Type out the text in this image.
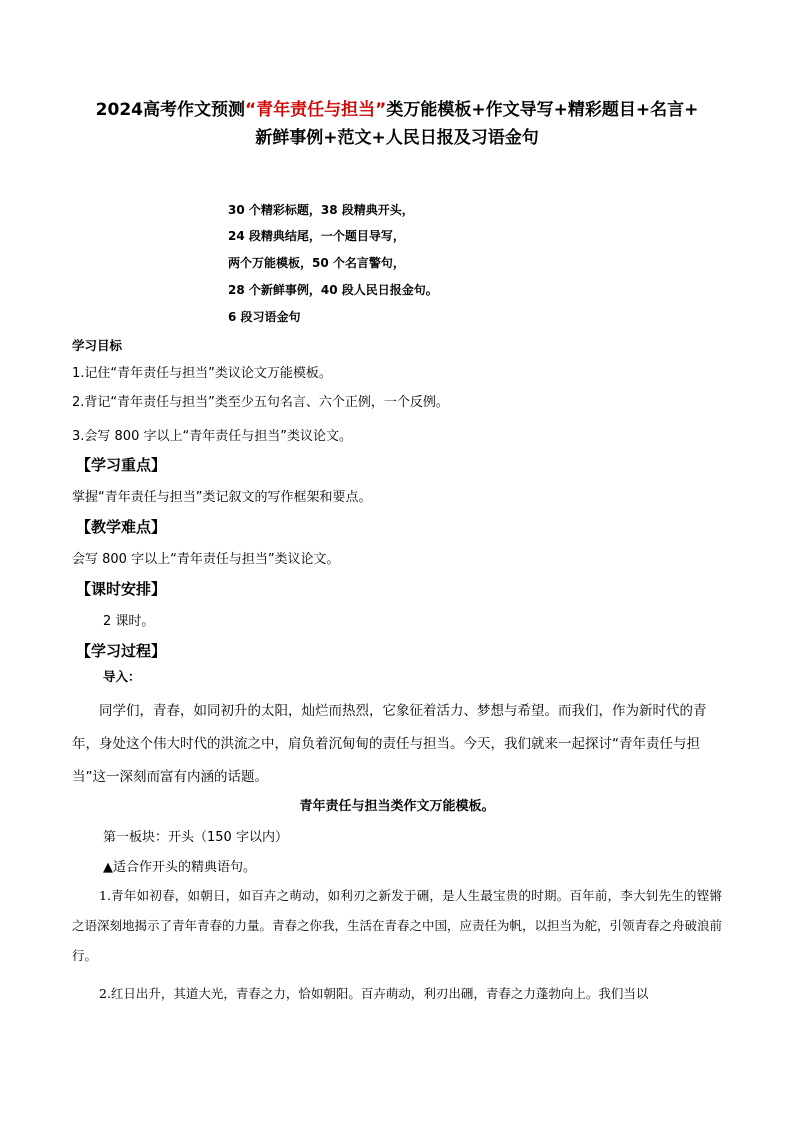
2024高考作文预测“青年责任与担当”类万能模板+作文导写+精彩题目+名言+
新鲜事例+范文+人民日报及习语金句
30 个精彩标题，38 段精典开头，
24 段精典结尾，一个题目导写，
两个万能模板，50 个名言警句，
28 个新鲜事例，40 段人民日报金句。
6 段习语金句
学习目标
1.记住“青年责任与担当”类议论文万能模板。
2.背记“青年责任与担当”类至少五句名言、六个正例，一个反例。
3.会写 800 字以上“青年责任与担当”类议论文。
【学习重点】
掌握“青年责任与担当”类记叙文的写作框架和要点。
【教学难点】
会写 800 字以上“青年责任与担当”类议论文。
【课时安排】
2 课时。
【学习过程】
导入：
同学们，青春，如同初升的太阳，灿烂而热烈，它象征着活力、梦想与希望。而我们，作为新时代的青年，身处这个伟大时代的洪流之中，肩负着沉甸甸的责任与担当。今天，我们就来一起探讨“青年责任与担当”这一深刻而富有内涵的话题。
青年责任与担当类作文万能模板。
第一板块：开头（150 字以内）
▲适合作开头的精典语句。
1.青年如初春，如朝日，如百卉之萌动，如利刃之新发于硎，是人生最宝贵的时期。百年前，李大钊先生的铿锵之语深刻地揭示了青年青春的力量。青春之你我，生活在青春之中国，应责任为帆，以担当为舵，引领青春之舟破浪前行。
2.红日出升，其道大光，青春之力，恰如朝阳。百卉萌动，利刃出硎，青春之力蓬勃向上。我们当以
